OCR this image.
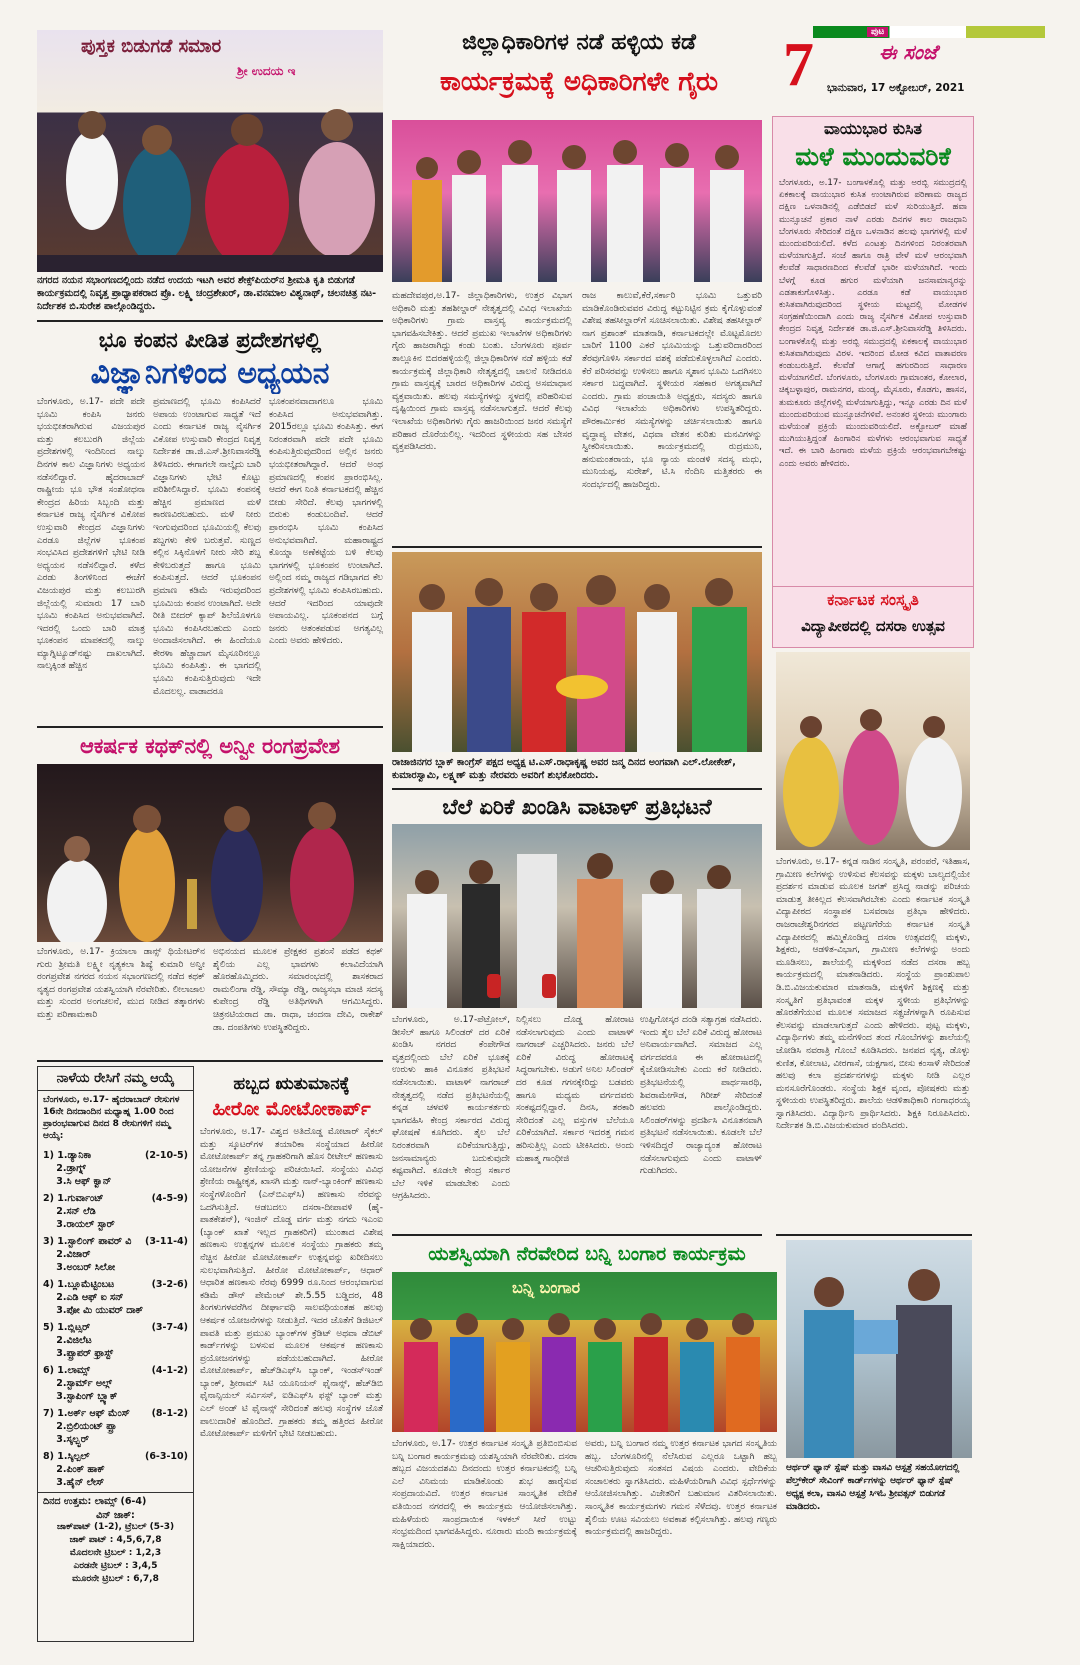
ಪುಟ
7	ಈ ಸಂಜೆ
ಭಾನುವಾರ, 17 ಅಕ್ಟೋಬರ್, 2021
ಪುಸ್ತಕ ಬಿಡುಗಡೆ ಸಮಾರ
ಶ್ರೀ ಉದಯ ಇ
ನಗರದ ನಯನ ಸಭಾಂಗಣದಲ್ಲಿಂದು ನಡೆದ ಉದಯ ಇಟಗಿ ಅವರ ಶೇಕ್ಸ್‌ಪಿಯರ್‌ನ ಶ್ರೀಮತಿ ಕೃತಿ ಬಿಡುಗಡೆ ಕಾರ್ಯಕ್ರಮದಲ್ಲಿ ನಿವೃತ್ತ ಪ್ರಾಧ್ಯಾಪಕರಾದ ಪ್ರೊ. ಲಕ್ಷ್ಮಿ ಚಂದ್ರಶೇಖರ್, ಡಾ.ವನಮಾಲ ವಿಶ್ವನಾಥ್, ಚಲನಚಿತ್ರ ನಟ-ನಿರ್ದೇಶಕ ಬಿ.ಸುರೇಶ ಪಾಲ್ಗೊಂಡಿದ್ದರು.
ಭೂ ಕಂಪನ ಪೀಡಿತ ಪ್ರದೇಶಗಳಲ್ಲಿ
ವಿಜ್ಞಾನಿಗಳಿಂದ ಅಧ್ಯಯನ
ಬೆಂಗಳೂರು, ಅ.17- ಪದೇ ಪದೇ ಭೂಮಿ ಕಂಪಿಸಿ ಜನರು ಭಯಭೀತರಾಗಿರುವ ವಿಜಯಪುರ ಮತ್ತು ಕಲಬುರಗಿ ಜಿಲ್ಲೆಯ ಪ್ರದೇಶಗಳಲ್ಲಿ ಇಂದಿನಿಂದ ನಾಲ್ಕು ದಿನಗಳ ಕಾಲ ವಿಜ್ಞಾನಿಗಳು ಅಧ್ಯಯನ ನಡೆಸಲಿದ್ದಾರೆ. ಹೈದರಾಬಾದ್ ರಾಷ್ಟ್ರೀಯ ಭೂ ಭೌತ ಸಂಶೋಧನಾ ಕೇಂದ್ರದ ಹಿರಿಯ ಸಿಬ್ಬಂದಿ ಮತ್ತು ಕರ್ನಾಟಕ ರಾಜ್ಯ ನೈಸರ್ಗಿಕ ವಿಕೋಪ ಉಸ್ತುವಾರಿ ಕೇಂದ್ರದ ವಿಜ್ಞಾನಿಗಳು ಎರಡೂ ಜಿಲ್ಲೆಗಳ ಭೂಕಂಪ ಸಂಭವಿಸಿದ ಪ್ರದೇಶಗಳಿಗೆ ಭೇಟಿ ನೀಡಿ ಅಧ್ಯಯನ ನಡೆಸಲಿದ್ದಾರೆ. ಕಳೆದ ಎರಡು ತಿಂಗಳಿನಿಂದ ಈಚೆಗೆ ವಿಜಯಪುರ ಮತ್ತು ಕಲಬುರಗಿ ಜಿಲ್ಲೆಯಲ್ಲಿ ಸುಮಾರು 17 ಬಾರಿ ಭೂಮಿ ಕಂಪಿಸಿದ ಅನುಭವವಾಗಿದೆ. ಇದರಲ್ಲಿ ಒಂದು ಬಾರಿ ಮಾತ್ರ ಭೂಕಂಪನ ಮಾಪಕದಲ್ಲಿ ನಾಲ್ಕು ಮ್ಯಾಗ್ನಿಟ್ಯೂಡ್‌ನಷ್ಟು ದಾಖಲಾಗಿದೆ. ನಾಲ್ಕಕ್ಕಿಂತ ಹೆಚ್ಚಿನ
ಪ್ರಮಾಣದಲ್ಲಿ ಭೂಮಿ ಕಂಪಿಸಿದರೆ ಅಪಾಯ ಉಂಟಾಗುವ ಸಾಧ್ಯತೆ ಇದೆ ಎಂದು ಕರ್ನಾಟಕ ರಾಜ್ಯ ನೈಸರ್ಗಿಕ ವಿಕೋಪ ಉಸ್ತುವಾರಿ ಕೇಂದ್ರದ ನಿವೃತ್ತ ನಿರ್ದೇಶಕ ಡಾ.ಜಿ.ಎಸ್.ಶ್ರೀನಿವಾಸರೆಡ್ಡಿ ತಿಳಿಸಿದರು. ಈಗಾಗಲೇ ನಾಲ್ಕೈದು ಬಾರಿ ವಿಜ್ಞಾನಿಗಳು ಭೇಟಿ ಕೊಟ್ಟು ಪರಿಶೀಲಿಸಿದ್ದಾರೆ. ಭೂಮಿ ಕಂಪನಕ್ಕೆ ಹೆಚ್ಚಿನ ಪ್ರಮಾಣದ ಮಳೆ ಕಾರಣವಿರಬಹುದು. ಮಳೆ ನೀರು ಇಂಗುವುದರಿಂದ ಭೂಮಿಯಲ್ಲಿ ಕೆಲವು ಶಬ್ದಗಳು ಕೇಳಿ ಬರುತ್ತವೆ. ಸುಣ್ಣದ ಕಲ್ಲಿನ ಸಿಕ್ಕಿನೊಳಗೆ ನೀರು ಸೇರಿ ಶಬ್ದ ಕೇಳಿಬರುತ್ತದೆ ಹಾಗೂ ಭೂಮಿ ಕಂಪಿಸುತ್ತದೆ. ಆದರೆ ಭೂಕಂಪನ ಪ್ರಮಾಣ ಕಡಿಮೆ ಇರುವುದರಿಂದ ಭೂಮಿಯ ಕಂಪನ ಉಂಟಾಗಿದೆ. ಅದೇ ರೀತಿ ಬೀದರ್ ಕ್ಯಾಪ್ ಶಿಲೆಯೊಳಗೂ ಭೂಮಿ ಕಂಪಿಸಿರಬಹುದು ಎಂದು ಅಂದಾಜಿಸಲಾಗಿದೆ. ಈ ಹಿಂದೆಯೂ ಕೇರಳಾ ಹೆಚ್ಚಾದಾಗ ಮೈಸೂರಿನಲ್ಲೂ ಭೂಮಿ ಕಂಪಿಸಿತ್ತು. ಈ ಭಾಗದಲ್ಲಿ ಭೂಮಿ ಕಂಪಿಸುತ್ತಿರುವುದು ಇದೇ ಮೊದಲಲ್ಲ. ವಾಡಾದರೂ
ಭೂಕಂಪನವಾದಾಗಲೂ ಭೂಮಿ ಕಂಪಿಸಿದ ಅನುಭವವಾಗಿತ್ತು. 2015ರಲ್ಲೂ ಭೂಮಿ ಕಂಪಿಸಿತ್ತು. ಈಗ ನಿರಂತರವಾಗಿ ಪದೇ ಪದೇ ಭೂಮಿ ಕಂಪಿಸುತ್ತಿರುವುದರಿಂದ ಅಲ್ಲಿನ ಜನರು ಭಯಭೀತರಾಗಿದ್ದಾರೆ. ಆದರೆ ಅಂಥ ಪ್ರಮಾಣದಲ್ಲಿ ಕಂಪನ ಪ್ರಾರಂಭಿಸಿಲ್ಲ. ಆದರೆ ಈಗ ನಿಂತಿ ಕರ್ನಾಟಕದಲ್ಲಿ ಹೆಚ್ಚಿನ ಬೀಡು ಸೇರಿದೆ. ಕೆಲವು ಭಾಗಗಳಲ್ಲಿ ಬಿರುಕು ಕಂಡುಬಂದಿವೆ. ಆದರೆ ಪ್ರಾರಂಭಿಸಿ ಭೂಮಿ ಕಂಪಿಸಿದ ಅನುಭವವಾಗಿದೆ. ಮಹಾರಾಷ್ಟ್ರದ ಕೊಯ್ನಾ ಅಣೆಕಟ್ಟೆಯ ಬಳಿ ಕೆಲವು ಭಾಗಗಳಲ್ಲಿ ಭೂಕಂಪನ ಉಂಟಾಗಿದೆ. ಅಲ್ಲಿಂದ ನಮ್ಮ ರಾಜ್ಯದ ಗಡಿಭಾಗದ ಕೆಲ ಪ್ರದೇಶಗಳಲ್ಲಿ ಭೂಮಿ ಕಂಪಿಸಿರಬಹುದು. ಆದರೆ ಇದರಿಂದ ಯಾವುದೇ ಅಪಾಯವಿಲ್ಲ. ಭೂಕಂಪನದ ಬಗ್ಗೆ ಜನರು ಆತಂಕಪಡುವ ಅಗತ್ಯವಿಲ್ಲ ಎಂದು ಅವರು ಹೇಳಿದರು.
ಆಕರ್ಷಕ ಕಥಕ್‌ನಲ್ಲಿ ಅನ್ವೀ ರಂಗಪ್ರವೇಶ
ಬೆಂಗಳೂರು, ಅ.17- ಕ್ರಿಯಾಲಾ ಡಾನ್ಸ್ ಥಿಯೇಟರ್‌ನ ಗುರು ಶ್ರೀಮತಿ ಲಕ್ಷ್ಮೀ ನೃತ್ಯಕಲಾ ಶಿಷ್ಯೆ ಕುಮಾರಿ ಅನ್ವೀ ರಂಗಪ್ರವೇಶ ನಗರದ ನಯನ ಸಭಾಂಗಣದಲ್ಲಿ ನಡೆದ ಕಥಕ್ ನೃತ್ಯದ ರಂಗಪ್ರವೇಶ ಯಶಸ್ವಿಯಾಗಿ ನೆರವೇರಿತು. ಲೀಲಾಜಾಲ ಮತ್ತು ಸುಂದರ ಅಂಗಚಲನೆ, ಮುದ ನೀಡಿದ ತತ್ಕಾರಗಳು ಮತ್ತು ಪರಿಣಾಮಕಾರಿ
ಅಭಿನಯದ ಮೂಲಕ ಪ್ರೇಕ್ಷಕರ ಪ್ರಶಂಸೆ ಪಡೆದ ಕಥಕ್ ಶೈಲಿಯ ಎಲ್ಲ ಭಾವಗಳು ಕಲಾವಿದೆಯಾಗಿ ಹೊರಹೊಮ್ಮಿದರು. ಸಮಾರಂಭದಲ್ಲಿ ಶಾಸಕರಾದ ರಾಮಲಿಂಗಾ ರೆಡ್ಡಿ, ಸೌಮ್ಯಾ ರೆಡ್ಡಿ, ರಾಜ್ಯಸಭಾ ಮಾಜಿ ಸದಸ್ಯ ಕುಪೇಂದ್ರ ರೆಡ್ಡಿ ಅತಿಥಿಗಳಾಗಿ ಆಗಮಿಸಿದ್ದರು. ಚಿತ್ರನಟಿಯರಾದ ಡಾ. ರಾಧಾ, ಚಂದನಾ ದೇವಿ, ರಾಕೇಶ್ ಡಾ. ದಂಪತಿಗಳು ಉಪಸ್ಥಿತರಿದ್ದರು.
ನಾಳೆಯ ರೇಸಿಗೆ ನಮ್ಮ ಆಯ್ಕೆ
ಬೆಂಗಳೂರು, ಅ.17- ಹೈದರಾಬಾದ್ ರೇಸುಗಳ 16ನೇ ದಿನದಾಂದಿನ ಮಧ್ಯಾಹ್ನ 1.00 ರಿಂದ ಪ್ರಾರಂಭವಾಗುವ ದಿನದ 8 ರೇಸುಗಳಿಗೆ ನಮ್ಮ ಆಯ್ಕೆ:
1) 1.ಡ್ಯಾನಿಕಾ	(2-10-5)
2.ಡ್ರಾಗ್ನ್
3.ಸಿ ಆಫ್ ಕ್ವಾನ್
2) 1.ಗುರ್ವಾಂಟ್	(4-5-9)
2.ಸನ್ ಲೆಡಿ
3.ರಾಯಲ್ ಸ್ಟಾರ್
3) 1.ಸ್ಟಾಲಿಂಗ್ ಪಾವರ್ ವಿ (3-11-4)
2.ವಿಜಾರ್
3.ಅಂಬರ್ ಸಿಲೋ
4) 1.ಬ್ಲೂಮೆಟ್ಟಿಂಬಟ	(3-2-6)
2.ಎಡಿ ಆಫ್ ಐ ಸನ್
3.ಪೋ ಮಿ ಯುವರ್ ದಾಕ್
5) 1.ಬ್ಲಿಟ್ಸರ್	(3-7-4)
2.ವಿಜಿಲೆಟ
3.ಪ್ಪ್ರಾಪರ್ ಫ್ರಾಸ್ಟ್
6) 1.ಲಾಮ್ಸ್	(4-1-2)
2.ಸ್ಟಾರ್ಮ್ ಅಲ್ಗ್
3.ಸ್ಟಾಪಿಂಗ್ ಬ್ಲ್ಯಾಕ್
7) 1.ಅರ್ಕ್ ಆಫ್ ಮೆಂಸ್ (8-1-2)
2.ಬ್ರಿಲಿಯಂಟ್ ಪ್ಪ್ರಾ
3.ಸ್ಕಲ್ಪ್ಟರ್
8) 1.ಸ್ಕಿಲ್ಪಲ್	(6-3-10)
2.ಪಿಂಕ್ ಹಾಕ್
3.ಹೈನ್ ಲೇಸ್
ದಿನದ ಉತ್ತಮ: ಲಾಮ್ಸ್ (6-4)
ವಿನ್ ಜಾಕ್:
ಜಾಕ್‌ಪಾಟ್ (1-2), ಟ್ರೆಬಲ್ (5-3)
ಜಾಕ್ ಪಾಟ್ : 4,5,6,7,8
ಮೊದಲನೇ ಟ್ರಿಬಲ್ : 1,2,3
ಎರಡನೇ ಟ್ರಿಬಲ್ : 3,4,5
ಮೂರನೇ ಟ್ರಿಬಲ್ : 6,7,8
ಹಬ್ಬದ ಋತುಮಾನಕ್ಕೆ
ಹೀರೋ ಮೋಟೋಕಾರ್ಪ್
ಬೆಂಗಳೂರು, ಅ.17- ವಿಶ್ವದ ಅತಿದೊಡ್ಡ ಮೋಟಾರ್ ಸೈಕಲ್ ಮತ್ತು ಸ್ಕೂಟರ್‌ಗಳ ತಯಾರಿಕಾ ಸಂಸ್ಥೆಯಾದ ಹೀರೋ ಮೋಟೋಕಾರ್ಪ್ ತನ್ನ ಗ್ರಾಹಕರಿಗಾಗಿ ಹೊಸ ರೀಟೇಲ್ ಹಣಕಾಸು ಯೋಜನೆಗಳ ಶ್ರೇಣಿಯನ್ನು ಪರಿಚಯಿಸಿದೆ. ಸಂಸ್ಥೆಯು ವಿವಿಧ ಶ್ರೇಣಿಯ ರಾಷ್ಟ್ರೀಕೃತ, ಖಾಸಗಿ ಮತ್ತು ನಾನ್-ಬ್ಯಾಂಕಿಂಗ್ ಹಣಕಾಸು ಸಂಸ್ಥೆಗಳೊಂದಿಗೆ (ಎನ್‌ಬಿಎಫ್‌ಸಿ) ಹಣಕಾಸು ನೆರವನ್ನು ಒದಗಿಸುತ್ತಿದೆ. ಆಡಬದಲು ದಸರಾ-ದೀಪಾವಳಿ (ಹೈ-ಪಾತಕೇಶನ್), ಇಂಜಿನ್ ದೊಡ್ಡ ವರ್ಗ ಮತ್ತು ನಗದು ಇಎಂಐ (ಬ್ಯಾಂಕ್ ಖಾತೆ ಇಲ್ಲದ ಗ್ರಾಹಕರಿಗೆ) ಮುಂತಾದ ವಿಶೇಷ ಹಣಕಾಸು ಉತ್ಪನ್ನಗಳ ಮೂಲಕ ಸಂಸ್ಥೆಯು ಗ್ರಾಹಕರು ತಮ್ಮ ನೆಚ್ಚಿನ ಹೀರೋ ಮೋಟೋಕಾರ್ಪ್ ಉತ್ಪನ್ನವನ್ನು ಖರೀದಿಸಲು ಸುಲಭವಾಗಿಸುತ್ತಿದೆ. ಹೀರೋ ಮೋಟೋಕಾರ್ಪ್, ಆಧಾರ್ ಆಧಾರಿತ ಹಣಕಾಸು ನೆರವು 6999 ರೂ.ನಿಂದ ಆರಂಭವಾಗುವ ಕಡಿಮೆ ಡೌನ್ ಪೇಮೆಂಟ್ ಶೇ.5.55 ಬಡ್ಡಿದರ, 48 ತಿಂಗಳುಗಳವರೆಗಿನ ದೀರ್ಘಾವಧಿ ಸಾಲವಧಿಯಂತಹ ಹಲವು ಆಕರ್ಷಕ ಯೋಜನೆಗಳನ್ನು ನೀಡುತ್ತಿದೆ. ಇದರ ಜೊತೆಗೆ ಡಿಜಿಟಲ್ ಪಾವತಿ ಮತ್ತು ಪ್ರಮುಖ ಬ್ಯಾಂಕ್‌ಗಳ ಕ್ರೆಡಿಟ್ ಅಥವಾ ಡೆಬಿಟ್ ಕಾರ್ಡ್‌ಗಳನ್ನು ಬಳಸುವ ಮೂಲಕ ಆಕರ್ಷಕ ಹಣಕಾಸು ಪ್ರಯೋಜನಗಳನ್ನು ಪಡೆಯಬಹುದಾಗಿದೆ. ಹೀರೋ ಮೋಟೋಕಾರ್ಪ್, ಹೆಚ್‌ಡಿಎಫ್‌ಸಿ ಬ್ಯಾಂಕ್, ಇಂಡಸ್‌ಇಂಡ್ ಬ್ಯಾಂಕ್, ಶ್ರೀರಾಮ್ ಸಿಟಿ ಯೂನಿಯನ್ ಫೈನಾನ್ಸ್, ಹೆಚ್‌ಡಿಬಿ ಫೈನಾನ್ಸಿಯಲ್ ಸರ್ವಿಸಸ್, ಐಡಿಎಫ್‌ಸಿ ಫಸ್ಟ್ ಬ್ಯಾಂಕ್ ಮತ್ತು ಎಲ್ ಅಂಡ್ ಟಿ ಫೈನಾನ್ಸ್ ಸೇರಿದಂತೆ ಹಲವು ಸಂಸ್ಥೆಗಳ ಜೊತೆ ಪಾಲುದಾರಿಕೆ ಹೊಂದಿದೆ. ಗ್ರಾಹಕರು ತಮ್ಮ ಹತ್ತಿರದ ಹೀರೋ ಮೋಟೋಕಾರ್ಪ್ ಮಳಿಗೆಗೆ ಭೇಟಿ ನೀಡಬಹುದು.
ಜಿಲ್ಲಾಧಿಕಾರಿಗಳ ನಡೆ ಹಳ್ಳಿಯ ಕಡೆ
ಕಾರ್ಯಕ್ರಮಕ್ಕೆ ಅಧಿಕಾರಿಗಳೇ ಗೈರು
ಮಹದೇವಪುರ,ಅ.17- ಜಿಲ್ಲಾಧಿಕಾರಿಗಳು, ಉತ್ತರ ವಿಭಾಗ ಅಧಿಕಾರಿ ಮತ್ತು ತಹಶೀಲ್ದಾರ್ ನೇತೃತ್ವದಲ್ಲಿ ವಿವಿಧ ಇಲಾಖೆಯ ಅಧಿಕಾರಿಗಳು ಗ್ರಾಮ ವಾಸ್ತವ್ಯ ಕಾರ್ಯಕ್ರಮದಲ್ಲಿ ಭಾಗವಹಿಸಬೇಕಿತ್ತು. ಆದರೆ ಪ್ರಮುಖ ಇಲಾಖೆಗಳ ಅಧಿಕಾರಿಗಳು ಗೈರು ಹಾಜರಾಗಿದ್ದು ಕಂಡು ಬಂತು. ಬೆಂಗಳೂರು ಪೂರ್ವ ತಾಲ್ಲೂಕಿನ ಬಿದರಹಳ್ಳಿಯಲ್ಲಿ ಜಿಲ್ಲಾಧಿಕಾರಿಗಳ ನಡೆ ಹಳ್ಳಿಯ ಕಡೆ ಕಾರ್ಯಕ್ರಮಕ್ಕೆ ಜಿಲ್ಲಾಧಿಕಾರಿ ನೇತೃತ್ವದಲ್ಲಿ ಚಾಲನೆ ನೀಡಿದರೂ ಗ್ರಾಮ ವಾಸ್ತವ್ಯಕ್ಕೆ ಬಾರದ ಅಧಿಕಾರಿಗಳ ವಿರುದ್ಧ ಅಸಮಾಧಾನ ವ್ಯಕ್ತವಾಯಿತು. ಹಲವು ಸಮಸ್ಯೆಗಳನ್ನು ಸ್ಥಳದಲ್ಲಿ ಪರಿಹರಿಸುವ ದೃಷ್ಟಿಯಿಂದ ಗ್ರಾಮ ವಾಸ್ತವ್ಯ ನಡೆಸಲಾಗುತ್ತದೆ. ಆದರೆ ಕೆಲವು ಇಲಾಖೆಯ ಅಧಿಕಾರಿಗಳು ಗೈರು ಹಾಜರಿಯಿಂದ ಜನರ ಸಮಸ್ಯೆಗೆ ಪರಿಹಾರ ದೊರೆಯಲಿಲ್ಲ. ಇದರಿಂದ ಸ್ಥಳೀಯರು ಸಹ ಬೇಸರ ವ್ಯಕ್ತಪಡಿಸಿದರು.
ರಾಜ ಕಾಲುವೆ,ಕೆರೆ,ಸರ್ಕಾರಿ ಭೂಮಿ ಒತ್ತುವರಿ ಮಾಡಿಕೊಂಡಿರುವವರ ವಿರುದ್ಧ ಕಟ್ಟುನಿಟ್ಟಿನ ಕ್ರಮ ಕೈಗೊಳ್ಳುವಂತೆ ವಿಶೇಷ ತಹಸೀಲ್ದಾರ್‌ಗೆ ಸೂಚಿಸಲಾಯಿತು. ವಿಶೇಷ ತಹಸೀಲ್ದಾರ್ ನಾಗ ಪ್ರಶಾಂತ್ ಮಾತನಾಡಿ, ಕರ್ನಾಟಕದಲ್ಲೇ ಮೊಟ್ಟಮೊದಲ ಬಾರಿಗೆ 1100 ಎಕರೆ ಭೂಮಿಯನ್ನು ಒತ್ತುವರಿದಾರರಿಂದ ತೆರವುಗೊಳಿಸಿ ಸರ್ಕಾರದ ವಶಕ್ಕೆ ಪಡೆದುಕೊಳ್ಳಲಾಗಿದೆ ಎಂದರು. ಕೆರೆ ಪರಿಸರವನ್ನು ಉಳಿಸಲು ಹಾಗೂ ಸ್ಮಶಾನ ಭೂಮಿ ಒದಗಿಸಲು ಸರ್ಕಾರ ಬದ್ಧವಾಗಿದೆ. ಸ್ಥಳೀಯರ ಸಹಕಾರ ಅಗತ್ಯವಾಗಿದೆ ಎಂದರು. ಗ್ರಾಮ ಪಂಚಾಯಿತಿ ಅಧ್ಯಕ್ಷರು, ಸದಸ್ಯರು ಹಾಗೂ ವಿವಿಧ ಇಲಾಖೆಯ ಅಧಿಕಾರಿಗಳು ಉಪಸ್ಥಿತರಿದ್ದರು. ಪೌರಕಾರ್ಮಿಕರ ಸಮಸ್ಯೆಗಳನ್ನು ಚರ್ಚಿಸಲಾಯಿತು ಹಾಗೂ ವೃದ್ಧಾಪ್ಯ ವೇತನ, ವಿಧವಾ ವೇತನ ಕುರಿತು ಮನವಿಗಳನ್ನು ಸ್ವೀಕರಿಸಲಾಯಿತು. ಕಾರ್ಯಕ್ರಮದಲ್ಲಿ ರುದ್ರಮುನಿ, ಹನುಮಂತರಾಯ, ಭೂ ನ್ಯಾಯ ಮಂಡಳಿ ಸದಸ್ಯ ಮಧು, ಮುನಿಯಪ್ಪ, ಸುರೇಶ್, ಟಿ.ಸಿ ನೆಂದಿನಿ ಮತ್ತಿತರರು ಈ ಸಂದರ್ಭದಲ್ಲಿ ಹಾಜರಿದ್ದರು.
ರಾಜಾಜಿನಗರ ಬ್ಲಾಕ್ ಕಾಂಗ್ರೆಸ್ ಪಕ್ಷದ ಅಧ್ಯಕ್ಷ ಟಿ.ಎಸ್.ರಾಧಾಕೃಷ್ಣ ಅವರ ಜನ್ಮ ದಿನದ ಅಂಗವಾಗಿ ಎಲ್.ಲೋಕೇಶ್, ಕುಮಾರಸ್ವಾಮಿ, ಲಕ್ಷ್ಮಣ್ ಮತ್ತು ನೇರವರು ಅವರಿಗೆ ಶುಭಕೋರಿದರು.
ಬೆಲೆ ಏರಿಕೆ ಖಂಡಿಸಿ ವಾಟಾಳ್ ಪ್ರತಿಭಟನೆ
ಬೆಂಗಳೂರು, ಅ.17-ಪೆಟ್ರೋಲ್, ಡೀಸೆಲ್ ಹಾಗೂ ಸಿಲಿಂಡರ್ ದರ ಏರಿಕೆ ಖಂಡಿಸಿ ನಗರದ ಕೆಂಪೇಗೌಡ ವೃತ್ತದಲ್ಲಿಂದು ಬೆಲೆ ಏರಿಕೆ ಭೂತಕ್ಕೆ ಉರುಳು ಹಾಕಿ ವಿನೂತನ ಪ್ರತಿಭಟನೆ ನಡೆಸಲಾಯಿತು. ವಾಟಾಳ್ ನಾಗರಾಜ್ ನೇತೃತ್ವದಲ್ಲಿ ನಡೆದ ಪ್ರತಿಭಟನೆಯಲ್ಲಿ ಕನ್ನಡ ಚಳವಳಿ ಕಾರ್ಯಕರ್ತರು ಭಾಗವಹಿಸಿ ಕೇಂದ್ರ ಸರ್ಕಾರದ ವಿರುದ್ಧ ಘೋಷಣೆ ಕೂಗಿದರು. ತೈಲ ಬೆಲೆ ನಿರಂತರವಾಗಿ ಏರಿಕೆಯಾಗುತ್ತಿದ್ದು, ಜನಸಾಮಾನ್ಯರು ಬದುಕುವುದೇ ಕಷ್ಟವಾಗಿದೆ. ಕೂಡಲೇ ಕೇಂದ್ರ ಸರ್ಕಾರ ಬೆಲೆ ಇಳಿಕೆ ಮಾಡಬೇಕು ಎಂದು ಆಗ್ರಹಿಸಿದರು.
ನಿಲ್ಲಿಸಲು ದೊಡ್ಡ ಹೋರಾಟ ನಡೆಸಲಾಗುವುದು ಎಂದು ವಾಟಾಳ್ ನಾಗರಾಜ್ ಎಚ್ಚರಿಸಿದರು. ಜನರು ಬೆಲೆ ಏರಿಕೆ ವಿರುದ್ಧ ಹೋರಾಟಕ್ಕೆ ಸಿದ್ಧರಾಗಬೇಕು. ಅಡುಗೆ ಅನಿಲ ಸಿಲಿಂಡರ್ ದರ ಕೂಡ ಗಗನಕ್ಕೇರಿದ್ದು ಬಡವರು ಹಾಗೂ ಮಧ್ಯಮ ವರ್ಗದವರು ಸಂಕಷ್ಟದಲ್ಲಿದ್ದಾರೆ. ದಿನಸಿ, ತರಕಾರಿ ಸೇರಿದಂತೆ ಎಲ್ಲ ವಸ್ತುಗಳ ಬೆಲೆಯೂ ಏರಿಕೆಯಾಗಿದೆ. ಸರ್ಕಾರ ಇದರತ್ತ ಗಮನ ಹರಿಸುತ್ತಿಲ್ಲ ಎಂದು ಟೀಕಿಸಿದರು. ಅಂದು ಮಹಾತ್ಮ ಗಾಂಧೀಜಿ
ಉಪ್ಪಿಗೋಸ್ಕರ ದಂಡಿ ಸತ್ಯಾಗ್ರಹ ನಡೆಸಿದರು. ಇಂದು ತೈಲ ಬೆಲೆ ಏರಿಕೆ ವಿರುದ್ಧ ಹೋರಾಟ ಅನಿವಾರ್ಯವಾಗಿದೆ. ಸಮಾಜದ ಎಲ್ಲ ವರ್ಗದವರೂ ಈ ಹೋರಾಟದಲ್ಲಿ ಕೈಜೋಡಿಸಬೇಕು ಎಂದು ಕರೆ ನೀಡಿದರು. ಪ್ರತಿಭಟನೆಯಲ್ಲಿ ಪಾರ್ಥಸಾರಥಿ, ಶಿವರಾಮೇಗೌಡ, ಗಿರೀಶ್ ಸೇರಿದಂತೆ ಹಲವರು ಪಾಲ್ಗೊಂಡಿದ್ದರು. ಸಿಲಿಂಡರ್‌ಗಳನ್ನು ಪ್ರದರ್ಶಿಸಿ ವಿನೂತನವಾಗಿ ಪ್ರತಿಭಟನೆ ನಡೆಸಲಾಯಿತು. ಕೂಡಲೇ ಬೆಲೆ ಇಳಿಸದಿದ್ದರೆ ರಾಜ್ಯಾದ್ಯಂತ ಹೋರಾಟ ನಡೆಸಲಾಗುವುದು ಎಂದು ವಾಟಾಳ್ ಗುಡುಗಿದರು.
ಯಶಸ್ವಿಯಾಗಿ ನೆರವೇರಿದ ಬನ್ನಿ ಬಂಗಾರ ಕಾರ್ಯಕ್ರಮ
ಬನ್ನಿ ಬಂಗಾರ
ಬೆಂಗಳೂರು, ಅ.17- ಉತ್ತರ ಕರ್ನಾಟಕ ಸಂಸ್ಕೃತಿ ಪ್ರತಿಬಿಂಬಿಸುವ ಬನ್ನಿ ಬಂಗಾರ ಕಾರ್ಯಕ್ರಮವು ಯಶಸ್ವಿಯಾಗಿ ನೆರವೇರಿತು. ದಸರಾ ಹಬ್ಬದ ವಿಜಯದಶಮಿ ದಿನದಂದು ಉತ್ತರ ಕರ್ನಾಟಕದಲ್ಲಿ ಬನ್ನಿ ಎಲೆ ವಿನಿಮಯ ಮಾಡಿಕೊಂಡು ಶುಭ ಹಾರೈಸುವ ಸಂಪ್ರದಾಯವಿದೆ. ಉತ್ತರ ಕರ್ನಾಟಕ ಸಾಂಸ್ಕೃತಿಕ ವೇದಿಕೆ ವತಿಯಿಂದ ನಗರದಲ್ಲಿ ಈ ಕಾರ್ಯಕ್ರಮ ಆಯೋಜಿಸಲಾಗಿತ್ತು. ಮಹಿಳೆಯರು ಸಾಂಪ್ರದಾಯಿಕ ಇಳಕಲ್ ಸೀರೆ ಉಟ್ಟು ಸಂಭ್ರಮದಿಂದ ಭಾಗವಹಿಸಿದ್ದರು. ನೂರಾರು ಮಂದಿ ಕಾರ್ಯಕ್ರಮಕ್ಕೆ ಸಾಕ್ಷಿಯಾದರು.
ಅವರು, ಬನ್ನಿ ಬಂಗಾರ ನಮ್ಮ ಉತ್ತರ ಕರ್ನಾಟಕ ಭಾಗದ ಸಂಸ್ಕೃತಿಯ ಹಬ್ಬ. ಬೆಂಗಳೂರಿನಲ್ಲಿ ನೆಲೆಸಿರುವ ಎಲ್ಲರೂ ಒಟ್ಟಾಗಿ ಹಬ್ಬ ಆಚರಿಸುತ್ತಿರುವುದು ಸಂತಸದ ವಿಷಯ ಎಂದರು. ವೇದಿಕೆಯ ಸಂಚಾಲಕರು ಸ್ವಾಗತಿಸಿದರು. ಮಹಿಳೆಯರಿಗಾಗಿ ವಿವಿಧ ಸ್ಪರ್ಧೆಗಳನ್ನು ಆಯೋಜಿಸಲಾಗಿತ್ತು. ವಿಜೇತರಿಗೆ ಬಹುಮಾನ ವಿತರಿಸಲಾಯಿತು. ಸಾಂಸ್ಕೃತಿಕ ಕಾರ್ಯಕ್ರಮಗಳು ಗಮನ ಸೆಳೆದವು. ಉತ್ತರ ಕರ್ನಾಟಕ ಶೈಲಿಯ ಊಟ ಸವಿಯಲು ಅವಕಾಶ ಕಲ್ಪಿಸಲಾಗಿತ್ತು. ಹಲವು ಗಣ್ಯರು ಕಾರ್ಯಕ್ರಮದಲ್ಲಿ ಹಾಜರಿದ್ದರು.
ವಾಯುಭಾರ ಕುಸಿತ
ಮಳೆ ಮುಂದುವರಿಕೆ
ಬೆಂಗಳೂರು, ಅ.17- ಬಂಗಾಳಕೊಲ್ಲಿ ಮತ್ತು ಅರಬ್ಬಿ ಸಮುದ್ರದಲ್ಲಿ ಏಕಕಾಲಕ್ಕೆ ವಾಯುಭಾರ ಕುಸಿತ ಉಂಟಾಗಿರುವ ಪರಿಣಾಮ ರಾಜ್ಯದ ದಕ್ಷಿಣ ಒಳನಾಡಿನಲ್ಲಿ ಎಡೆಬಿಡದೆ ಮಳೆ ಸುರಿಯುತ್ತಿದೆ. ಹವಾ ಮುನ್ಸೂಚನೆ ಪ್ರಕಾರ ನಾಳೆ ಎರಡು ದಿನಗಳ ಕಾಲ ರಾಜಧಾನಿ ಬೆಂಗಳೂರು ಸೇರಿದಂತೆ ದಕ್ಷಿಣ ಒಳನಾಡಿನ ಹಲವು ಭಾಗಗಳಲ್ಲಿ ಮಳೆ ಮುಂದುವರಿಯಲಿದೆ. ಕಳೆದ ಎಂಟತ್ತು ದಿನಗಳಿಂದ ನಿರಂತರವಾಗಿ ಮಳೆಯಾಗುತ್ತಿದೆ. ಸಂಜೆ ಹಾಗೂ ರಾತ್ರಿ ವೇಳೆ ಮಳೆ ಆರಂಭವಾಗಿ ಕೆಲವೆಡೆ ಸಾಧಾರಣದಿಂದ ಕೆಲವೆಡೆ ಭಾರೀ ಮಳೆಯಾಗಿದೆ. ಇಂದು ಬೆಳಗ್ಗೆ ಕೂಡ ಹಗುರ ಮಳೆಯಾಗಿ ಜನಸಾಮಾನ್ಯರನ್ನು ಎಡತಾಕುಗೊಳಿಸಿತ್ತು. ಎರಡೂ ಕಡೆ ವಾಯುಭಾರ ಕುಸಿತವಾಗಿರುವುದರಿಂದ ಸ್ಥಳೀಯ ಮಟ್ಟದಲ್ಲಿ ಮೋಡಗಳ ಸಂಗ್ರಹಣೆಯಿಂದಾಗಿ ಎಂದು ರಾಜ್ಯ ನೈಸರ್ಗಿಕ ವಿಕೋಪ ಉಸ್ತುವಾರಿ ಕೇಂದ್ರದ ನಿವೃತ್ತ ನಿರ್ದೇಶಕ ಡಾ.ಜಿ.ಎಸ್.ಶ್ರೀನಿವಾಸರೆಡ್ಡಿ ತಿಳಿಸಿದರು. ಬಂಗಾಳಕೊಲ್ಲಿ ಮತ್ತು ಅರಬ್ಬಿ ಸಮುದ್ರದಲ್ಲಿ ಏಕಕಾಲಕ್ಕೆ ವಾಯುಭಾರ ಕುಸಿತವಾಗಿರುವುದು ವಿರಳ. ಇದರಿಂದ ಮೋಡ ಕವಿದ ವಾತಾವರಣ ಕಂಡುಬರುತ್ತಿದೆ. ಕೆಲವೆಡೆ ಆಗಾಗ್ಗೆ ಹಗುರದಿಂದ ಸಾಧಾರಣ ಮಳೆಯಾಗಲಿದೆ. ಬೆಂಗಳೂರು, ಬೆಂಗಳೂರು ಗ್ರಾಮಾಂತರ, ಕೋಲಾರ, ಚಿಕ್ಕಬಳ್ಳಾಪುರ, ರಾಮನಗರ, ಮಂಡ್ಯ, ಮೈಸೂರು, ಕೊಡಗು, ಹಾಸನ, ತುಮಕೂರು ಜಿಲ್ಲೆಗಳಲ್ಲಿ ಮಳೆಯಾಗುತ್ತಿದ್ದು, ಇನ್ನೂ ಎರಡು ದಿನ ಮಳೆ ಮುಂದುವರಿಯುವ ಮುನ್ಸೂಚನೆಗಳಿವೆ. ಅನಂತರ ಸ್ಥಳೀಯ ಮುಂಗಾರು ಮಳೆಯಂತೆ ಪ್ರಕ್ರಿಯೆ ಮುಂದುವರಿಯಲಿದೆ. ಅಕ್ಟೋಬರ್ ಮಾಹೆ ಮುಗಿಯುತ್ತಿದ್ದಂತೆ ಹಿಂಗಾರಿನ ಮಳೆಗಳು ಆರಂಭವಾಗುವ ಸಾಧ್ಯತೆ ಇದೆ. ಈ ಬಾರಿ ಹಿಂಗಾರು ಮಳೆಯ ಪ್ರಕ್ರಿಯೆ ಆರಂಭವಾಗಬೇಕಷ್ಟು ಎಂದು ಅವರು ಹೇಳಿದರು.
ಕರ್ನಾಟಕ ಸಂಸ್ಕೃತಿ
ವಿದ್ಯಾಪೀಠದಲ್ಲಿ ದಸರಾ ಉತ್ಸವ
ಬೆಂಗಳೂರು, ಅ.17- ಕನ್ನಡ ನಾಡಿನ ಸಂಸ್ಕೃತಿ, ಪರಂಪರೆ, ಇತಿಹಾಸ, ಗ್ರಾಮೀಣ ಕಲೆಗಳನ್ನು ಉಳಿಸುವ ಕೆಲಸವನ್ನು ಮಕ್ಕಳು ಬಾಲ್ಯದಲ್ಲಿಯೇ ಪ್ರದರ್ಶನ ಮಾಡುವ ಮೂಲಕ ಜಗತ್ ಪ್ರಸಿದ್ಧ ನಾಡನ್ನು ಪರಿಚಯ ಮಾಡುತ್ತ ತೀಕಿಲ್ಲದ ಕೆಲಸವಾಗಿರಬೇಕು ಎಂದು ಕರ್ನಾಟಕ ಸಂಸ್ಕೃತಿ ವಿದ್ಯಾಪೀಠದ ಸಂಸ್ಥಾಪಕ ಬಸವರಾಜ ಪ್ರತಿಭಾ ಹೇಳಿದರು. ರಾಜರಾಜೇಶ್ವರಿನಗರದ ಪಟ್ಟಣಗೆರೆಯ ಕರ್ನಾಟಕ ಸಂಸ್ಕೃತಿ ವಿದ್ಯಾಪೀಠದಲ್ಲಿ ಹಮ್ಮಿಕೊಂಡಿದ್ದ ದಸರಾ ಉತ್ಸವದಲ್ಲಿ ಮಕ್ಕಳು, ಶಿಕ್ಷಕರು, ಆಡಳಿತ-ವಿಭಾಗ, ಗ್ರಾಮೀಣ ಕಲೆಗಳನ್ನು ಅಂದು ಮೂಡಿಸಲು, ಶಾಲೆಯಲ್ಲಿ ಮಕ್ಕಳಿಂದ ನಡೆದ ದಸರಾ ಹಬ್ಬ ಕಾರ್ಯಕ್ರಮದಲ್ಲಿ ಮಾತನಾಡಿದರು. ಸಂಸ್ಥೆಯ ಪ್ರಾಂಶುಪಾಲ ಡಿ.ಬಿ.ವಿಜಯಕುಮಾರ ಮಾತನಾಡಿ, ಮಕ್ಕಳಿಗೆ ಶಿಕ್ಷಣಕ್ಕೆ ಮತ್ತು ಸಂಸ್ಕೃತಿಗೆ ಪ್ರತಿಭಾವಂತ ಮಕ್ಕಳ ಸ್ಥಳೀಯ ಪ್ರತಿಭೆಗಳನ್ನು ಹೊರತೆಗೆಯುವ ಮೂಲಕ ಸಮಾಜದ ಸತ್ಪ್ರಜೆಗಳನ್ನಾಗಿ ರೂಪಿಸುವ ಕೆಲಸವನ್ನು ಮಾಡಲಾಗುತ್ತದೆ ಎಂದು ಹೇಳಿದರು. ಪುಟ್ಟ ಮಕ್ಕಳು, ವಿದ್ಯಾರ್ಥಿಗಳು ತಮ್ಮ ಮನೆಗಳಿಂದ ತಂದ ಗೊಂಬೆಗಳನ್ನು ಶಾಲೆಯಲ್ಲಿ ಜೋಡಿಸಿ ನವರಾತ್ರಿ ಗೊಂಬೆ ಕೂಡಿಸಿದರು. ಜನಪದ ನೃತ್ಯ, ಡೊಳ್ಳು ಕುಣಿತ, ಕೋಲಾಟ, ವೀರಗಾಸೆ, ಯಕ್ಷಗಾನ, ಬೀಸು ಕಂಸಾಳೆ ಸೇರಿದಂತೆ ಹಲವು ಕಲಾ ಪ್ರದರ್ಶನಗಳನ್ನು ಮಕ್ಕಳು ನೀಡಿ ಎಲ್ಲರ ಮನಸೂರೆಗೊಂಡರು. ಸಂಸ್ಥೆಯ ಶಿಕ್ಷಕ ವೃಂದ, ಪೋಷಕರು ಮತ್ತು ಸ್ಥಳೀಯರು ಉಪಸ್ಥಿತರಿದ್ದರು. ಶಾಲೆಯ ಆಡಳಿತಾಧಿಕಾರಿ ಗಂಗಾಧರಯ್ಯ ಸ್ವಾಗತಿಸಿದರು. ವಿದ್ಯಾರ್ಥಿನಿ ಪ್ರಾರ್ಥಿಸಿದರು. ಶಿಕ್ಷಕಿ ನಿರೂಪಿಸಿದರು. ನಿರ್ದೇಶಕ ಡಿ.ಬಿ.ವಿಜಯಕುಮಾರ ವಂದಿಸಿದರು.
ಆರ್ಥರ್ ಫ್ಯಾನ್ ಸ್ಪೆಷ್ ಮತ್ತು ವಾಸವಿ ಆಸ್ಪತ್ರೆ ಸಹಯೋಗದಲ್ಲಿ ಪೆಲ್ತ್‌ಕೇರ್ ಸೇವಿಂಗ್ ಕಾರ್ಡ್‌ಗಳನ್ನು ಆರ್ಥರ್ ಫ್ಯಾನ್ ಸ್ಪೆಷ್ ಅಧ್ಯಕ್ಷ ಕಲಾ, ವಾಸವಿ ಆಸ್ಪತ್ರೆ ಸಿಇಓ ಶ್ರೀವತ್ಸನ್ ಬಿಡುಗಡೆ ಮಾಡಿದರು.
